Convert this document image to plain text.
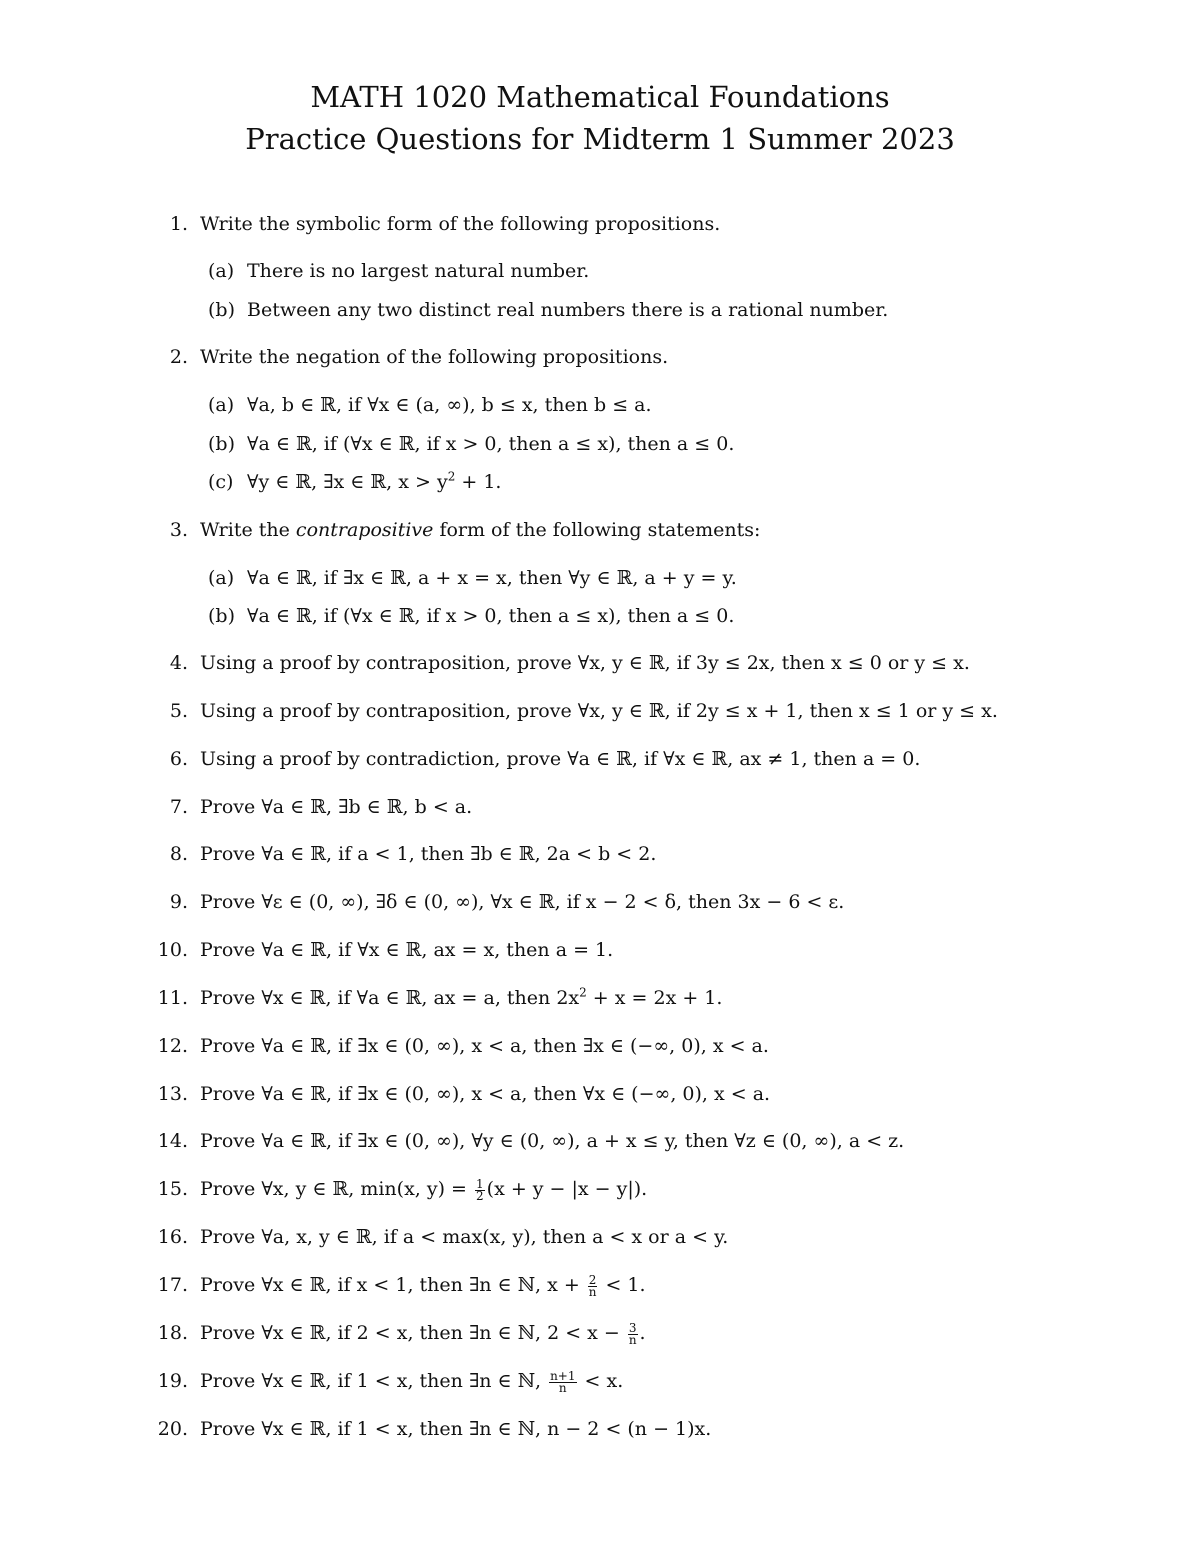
MATH 1020 Mathematical Foundations
Practice Questions for Midterm 1 Summer 2023
1. Write the symbolic form of the following propositions.
(a) There is no largest natural number.
(b) Between any two distinct real numbers there is a rational number.
2. Write the negation of the following propositions.
(a) ∀a, b ∈ ℝ, if ∀x ∈ (a, ∞), b ≤ x, then b ≤ a.
(b) ∀a ∈ ℝ, if (∀x ∈ ℝ, if x > 0, then a ≤ x), then a ≤ 0.
(c) ∀y ∈ ℝ, ∃x ∈ ℝ, $x > y^2 + 1$.
3. Write the contrapositive form of the following statements:
(a) ∀a ∈ ℝ, if ∃x ∈ ℝ, a + x = x, then ∀y ∈ ℝ, a + y = y.
(b) ∀a ∈ ℝ, if (∀x ∈ ℝ, if x > 0, then a ≤ x), then a ≤ 0.
4. Using a proof by contraposition, prove ∀x, y ∈ ℝ, if 3y ≤ 2x, then x ≤ 0 or y ≤ x.
5. Using a proof by contraposition, prove ∀x, y ∈ ℝ, if 2y ≤ x + 1, then x ≤ 1 or y ≤ x.
6. Using a proof by contradiction, prove ∀a ∈ ℝ, if ∀x ∈ ℝ, ax ≠ 1, then a = 0.
7. Prove ∀a ∈ ℝ, ∃b ∈ ℝ, b < a.
8. Prove ∀a ∈ ℝ, if a < 1, then ∃b ∈ ℝ, 2a < b < 2.
9. Prove ∀ε ∈ (0, ∞), ∃δ ∈ (0, ∞), ∀x ∈ ℝ, if x − 2 < δ, then 3x − 6 < ε.
10. Prove ∀a ∈ ℝ, if ∀x ∈ ℝ, ax = x, then a = 1.
11. Prove ∀x ∈ ℝ, if ∀a ∈ ℝ, ax = a, then $2x^2 + x = 2x + 1$.
12. Prove ∀a ∈ ℝ, if ∃x ∈ (0, ∞), x < a, then ∃x ∈ (−∞, 0), x < a.
13. Prove ∀a ∈ ℝ, if ∃x ∈ (0, ∞), x < a, then ∀x ∈ (−∞, 0), x < a.
14. Prove ∀a ∈ ℝ, if ∃x ∈ (0, ∞), ∀y ∈ (0, ∞), a + x ≤ y, then ∀z ∈ (0, ∞), a < z.
15. Prove ∀x, y ∈ ℝ, min(x, $y) = \frac{1}{2} (x + y - |x - y|)$.
16. Prove ∀a, x, y ∈ ℝ, if a < max(x, y), then a < x or a < y.
17. Prove ∀x ∈ ℝ, if x < 1, then ∃n ∈ ℕ, $x + \frac{2}{n} < 1$.
18. Prove ∀x ∈ ℝ, if 2 < x, then ∃n ∈ ℕ, $2 < x - \frac{3}{n}$ .
19. Prove ∀x ∈ ℝ, if 1 < x, then ∃n ∈ ℕ, $\frac{n+1}{n} < x$.
20. Prove ∀x ∈ ℝ, if 1 < x, then ∃n ∈ ℕ, n − 2 < (n − 1)x.
